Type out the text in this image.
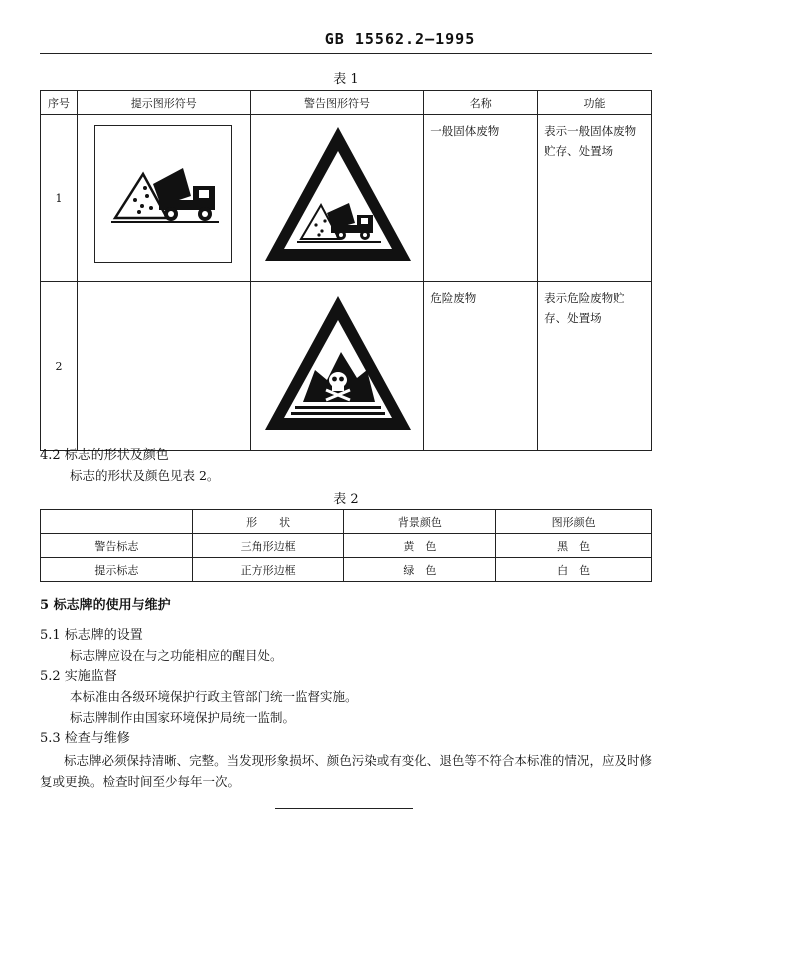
GB 15562.2—1995
表 1
序号	提示图形符号	警告图形符号	名称	功能
1			一般固体废物	表示一般固体废物贮存、处置场
2			危险废物	表示危险废物贮存、处置场
4.2 标志的形状及颜色
标志的形状及颜色见表 2。
表 2
	形　　状	背景颜色	图形颜色
警告标志	三角形边框	黄　色	黑　色
提示标志	正方形边框	绿　色	白　色
5 标志牌的使用与维护
5.1 标志牌的设置
标志牌应设在与之功能相应的醒目处。
5.2 实施监督
本标准由各级环境保护行政主管部门统一监督实施。
标志牌制作由国家环境保护局统一监制。
5.3 检查与维修
标志牌必须保持清晰、完整。当发现形象损坏、颜色污染或有变化、退色等不符合本标准的情况，应及时修复或更换。检查时间至少每年一次。
